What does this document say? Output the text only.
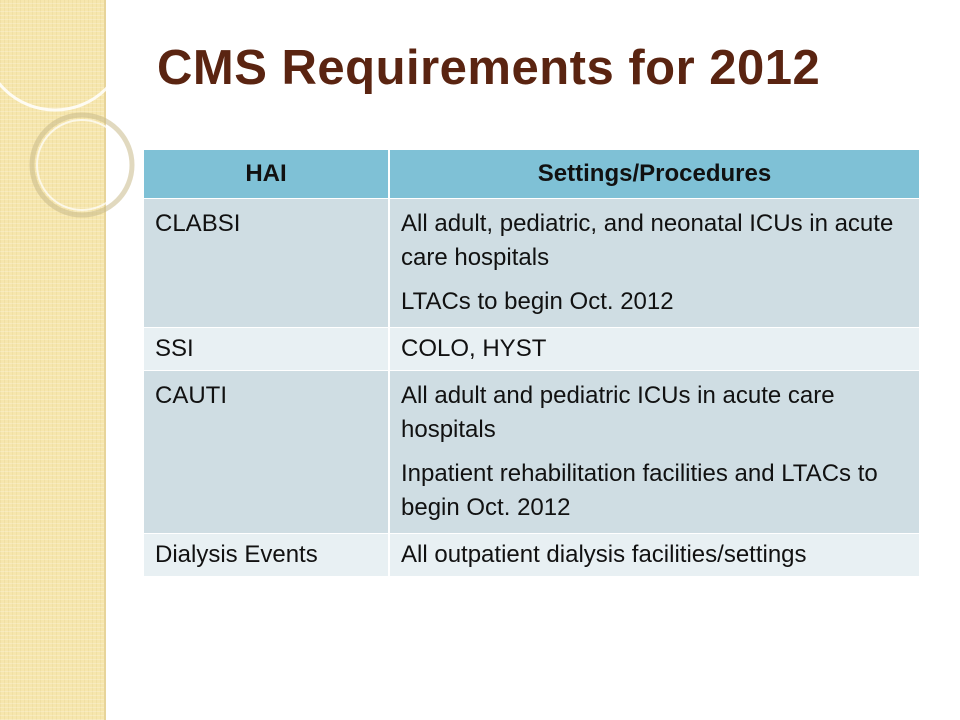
CMS Requirements for 2012
HAI	Settings/Procedures
CLABSI	All adult, pediatric, and neonatal ICUs in acute care hospitals

LTACs to begin Oct. 2012

SSI	COLO, HYST

CAUTI	All adult and pediatric ICUs in acute care hospitals

Inpatient rehabilitation facilities and LTACs to begin Oct. 2012

Dialysis Events	All outpatient dialysis facilities/settings
